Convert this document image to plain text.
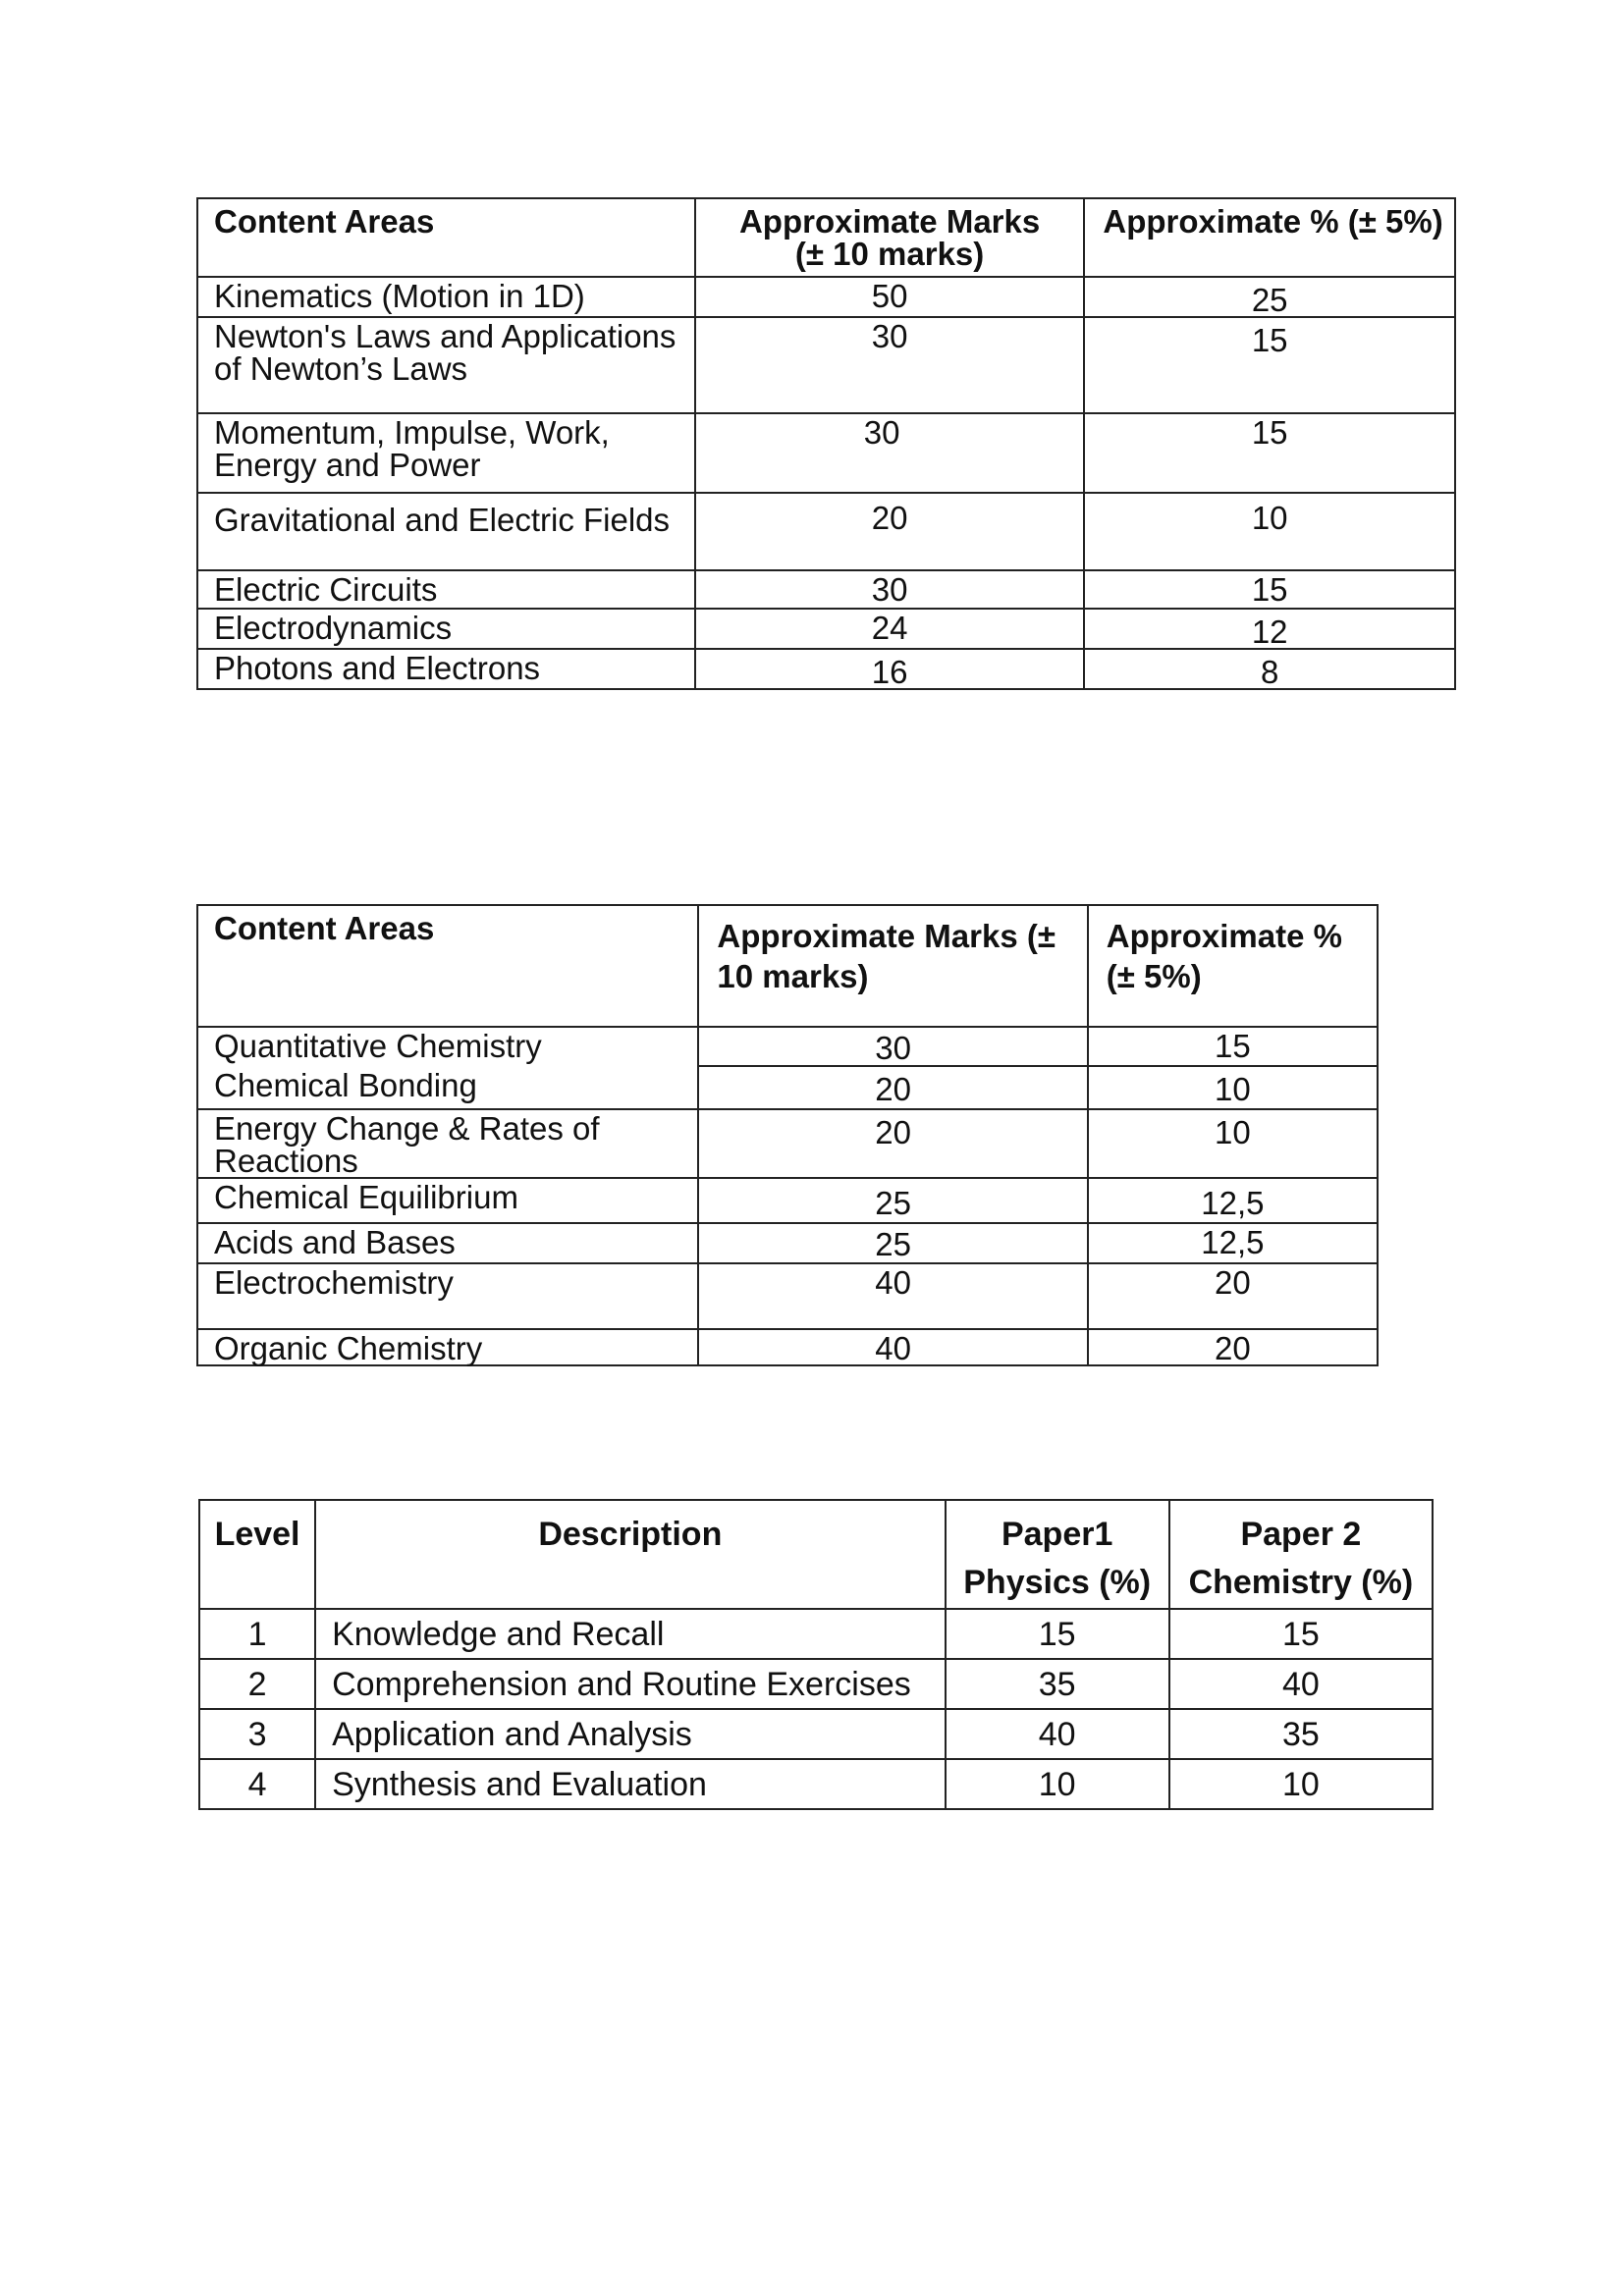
Content Areas	Approximate Marks (± 10 marks)	Approximate % (± 5%)
Kinematics (Motion in 1D)	50	25
Newton's Laws and Applications of Newton’s Laws	30	15
Momentum, Impulse, Work, Energy and Power	30	15
Gravitational and Electric Fields	20	10
Electric Circuits	30	15
Electrodynamics	24	12
Photons and Electrons	16	8
Content Areas	Approximate Marks (± 10 marks)	Approximate % (± 5%)
Quantitative Chemistry	30	15
Chemical Bonding	20	10
Energy Change & Rates of Reactions	20	10
Chemical Equilibrium	25	12,5
Acids and Bases	25	12,5
Electrochemistry	40	20
Organic Chemistry	40	20
Level	Description	Paper1 Physics (%)	Paper 2 Chemistry (%)
1	Knowledge and Recall	15	15
2	Comprehension and Routine Exercises	35	40
3	Application and Analysis	40	35
4	Synthesis and Evaluation	10	10
